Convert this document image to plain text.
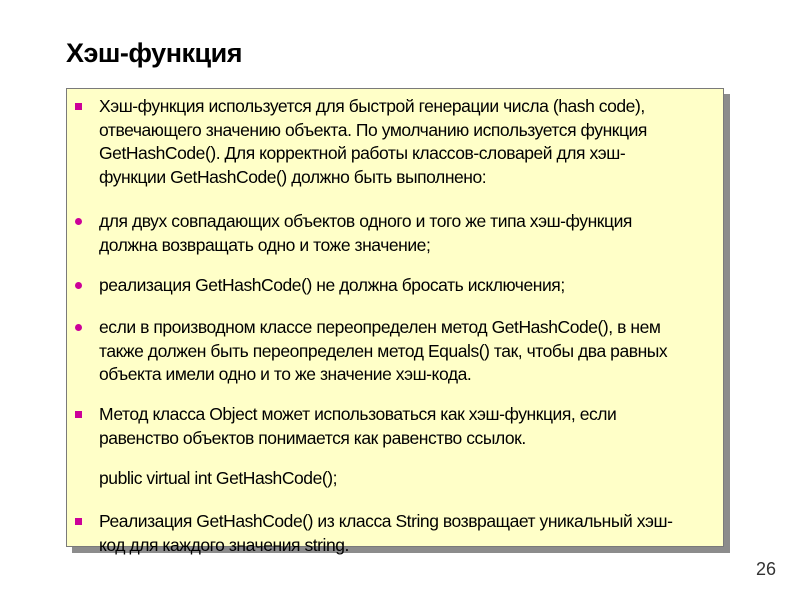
Хэш-функция
Хэш-функция используется для быстрой генерации числа (hash code),
отвечающего значению объекта. По умолчанию используется функция
GetHashCode(). Для корректной работы классов-словарей для хэш-
функции GetHashCode() должно быть выполнено:
для двух совпадающих объектов одного и того же типа хэш-функция
должна возвращать одно и тоже значение;
реализация GetHashCode() не должна бросать исключения;
если в производном классе переопределен метод GetHashCode(), в нем
также должен быть переопределен метод Equals() так, чтобы два равных
объекта имели одно и то же значение хэш-кода.
Метод класса Object может использоваться как хэш-функция, если
равенство объектов понимается как равенство ссылок.
public virtual int GetHashCode();
Реализация GetHashCode() из класса String возвращает уникальный хэш-
код для каждого значения string.

26
